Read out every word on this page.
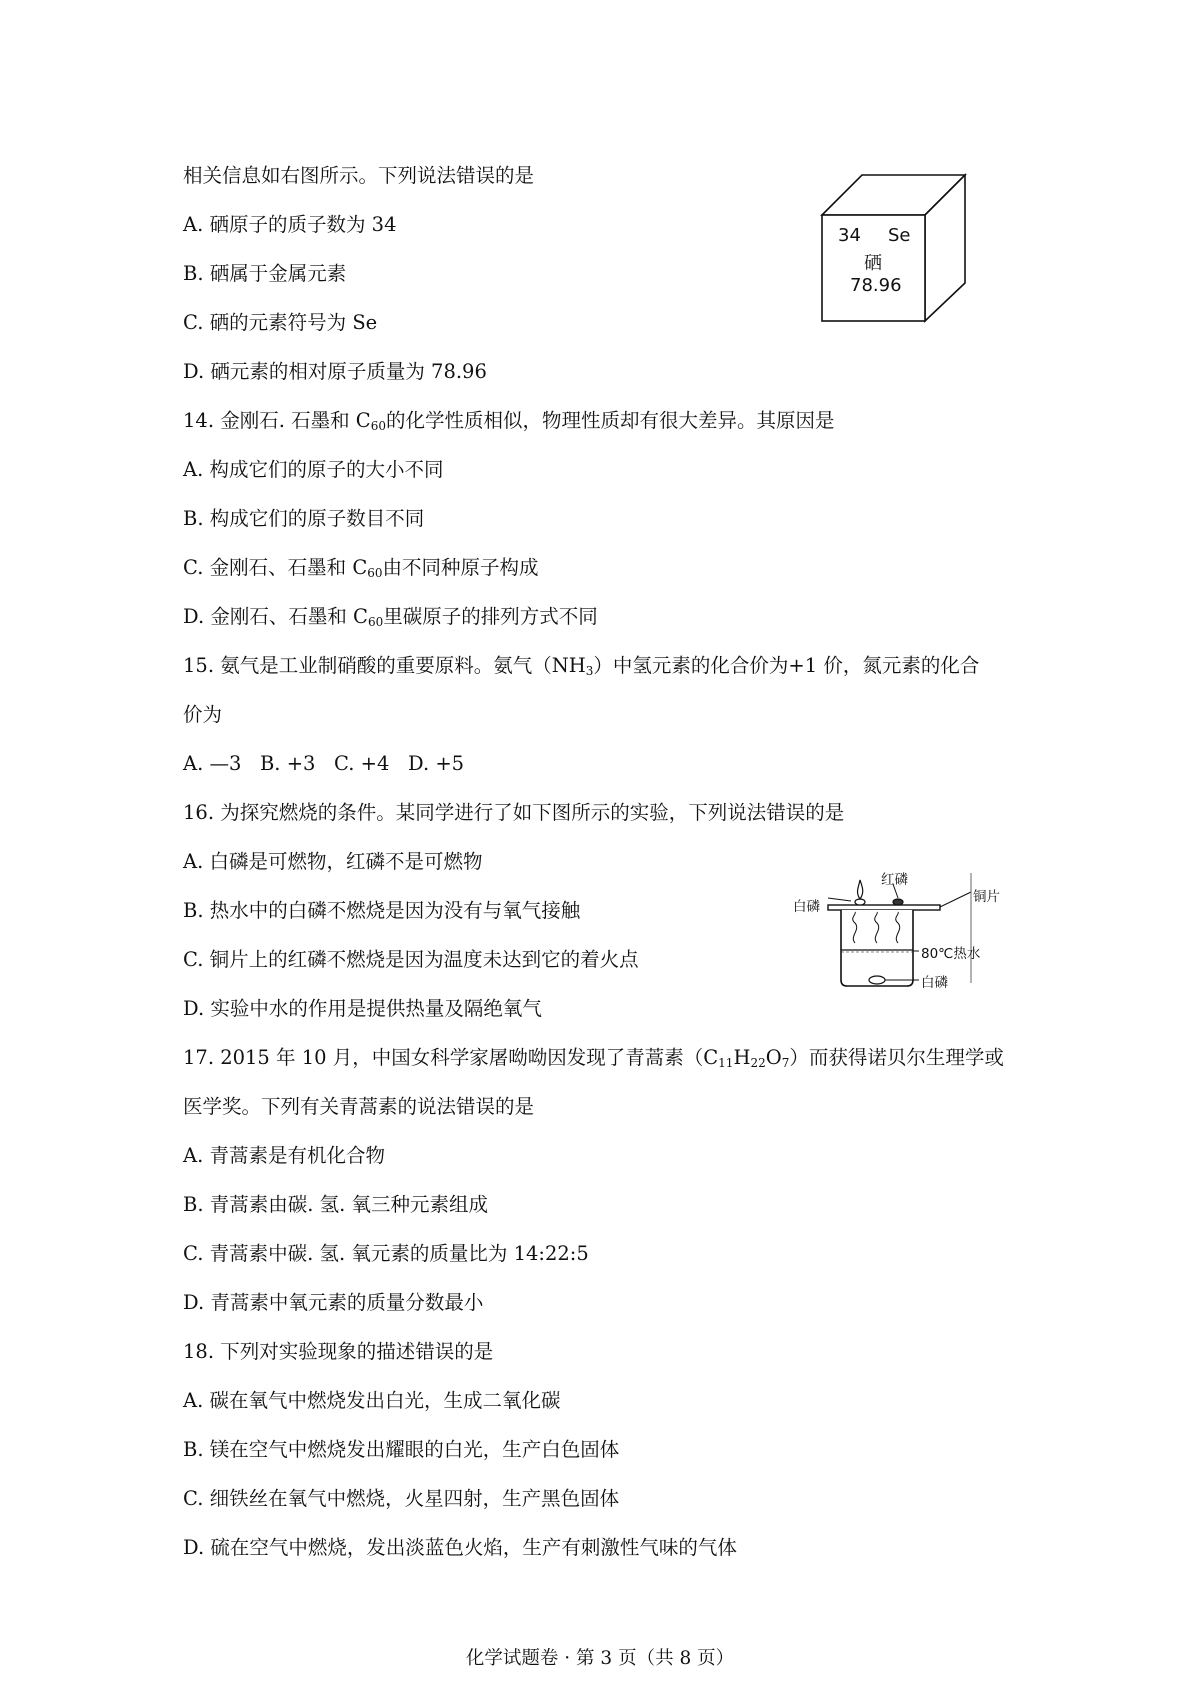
相关信息如右图所示。下列说法错误的是
A. 硒原子的质子数为 34
B. 硒属于金属元素
C. 硒的元素符号为 Se
D. 硒元素的相对原子质量为 78.96
34 Se
硒
78.96
14. 金刚石. 石墨和 $C_{60}$的化学性质相似，物理性质却有很大差异。其原因是
A. 构成它们的原子的大小不同
B. 构成它们的原子数目不同
C. 金刚石、石墨和 $C_{60}$由不同种原子构成
D. 金刚石、石墨和 $C_{60}$里碳原子的排列方式不同
15. 氨气是工业制硝酸的重要原料。氨气$(NH_3)$中氢元素的化合价为+1 价，氮元素的化合
价为
A. —3   B. +3   C. +4   D. +5
16. 为探究燃烧的条件。某同学进行了如下图所示的实验，下列说法错误的是
A. 白磷是可燃物，红磷不是可燃物
B. 热水中的白磷不燃烧是因为没有与氧气接触
C. 铜片上的红磷不燃烧是因为温度未达到它的着火点
D. 实验中水的作用是提供热量及隔绝氧气
白磷
红磷
铜片
80℃热水
白磷
17. 2015 年 10 月，中国女科学家屠呦呦因发现了青蒿素$(C_{11}H_{22}O_7)$而获得诺贝尔生理学或
医学奖。下列有关青蒿素的说法错误的是
A. 青蒿素是有机化合物
B. 青蒿素由碳. 氢. 氧三种元素组成
C. 青蒿素中碳. 氢. 氧元素的质量比为 14:22:5
D. 青蒿素中氧元素的质量分数最小
18. 下列对实验现象的描述错误的是
A. 碳在氧气中燃烧发出白光，生成二氧化碳
B. 镁在空气中燃烧发出耀眼的白光，生产白色固体
C. 细铁丝在氧气中燃烧，火星四射，生产黑色固体
D. 硫在空气中燃烧，发出淡蓝色火焰，生产有刺激性气味的气体
化学试题卷 · 第 3 页（共 8 页）
